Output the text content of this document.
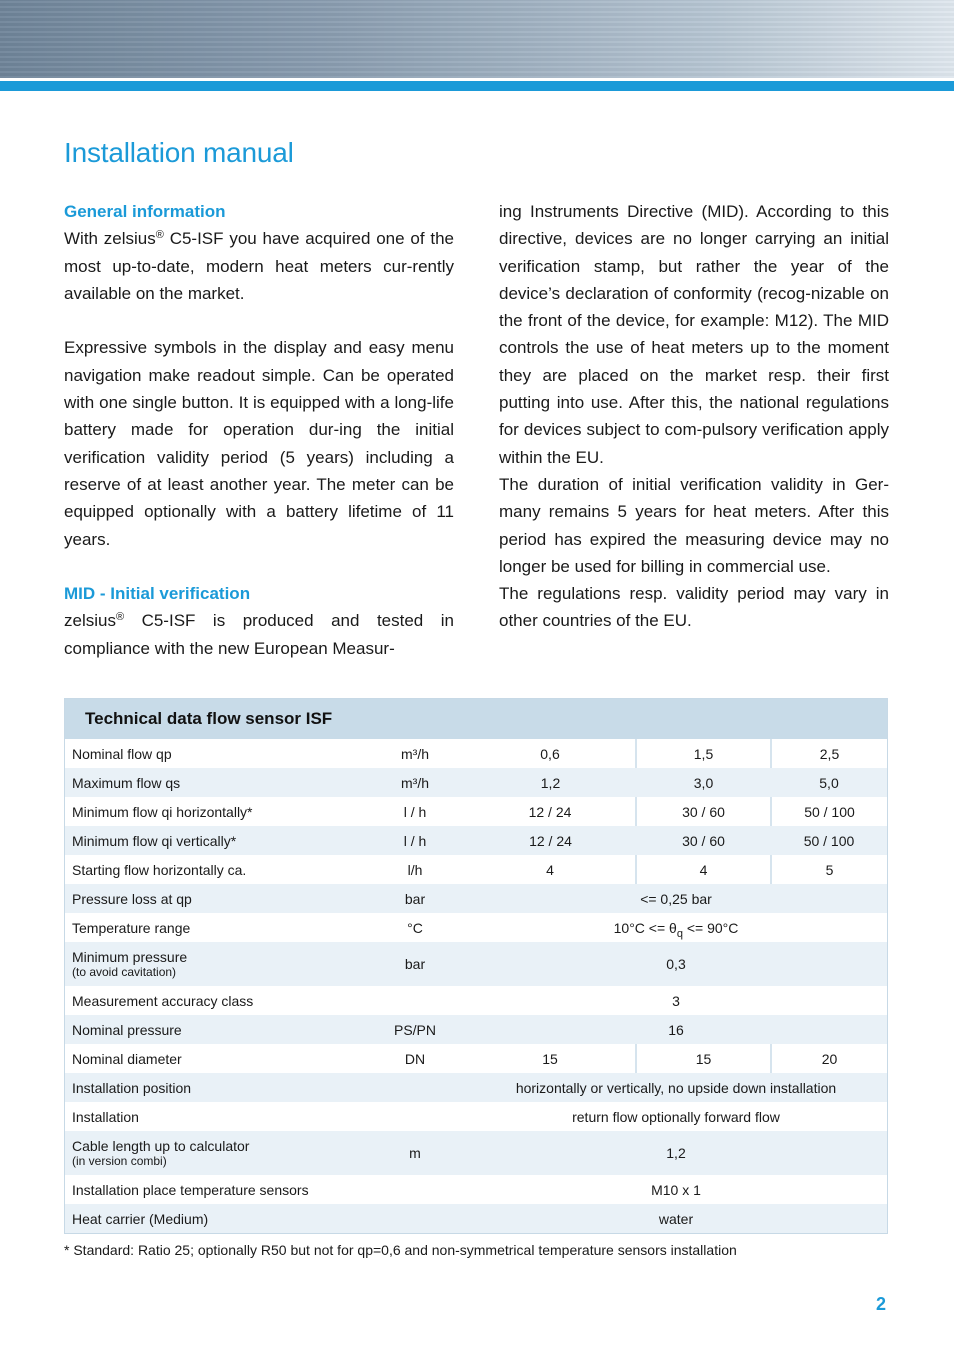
Installation manual
General information

With zelsius® C5-ISF you have acquired one of the most up-to-date, modern heat meters cur-rently available on the market.

Expressive symbols in the display and easy menu navigation make readout simple. Can be operated with one single button. It is equipped with a long-life battery made for operation dur-ing the initial verification validity period (5 years) including a reserve of at least another year. The meter can be equipped optionally with a battery lifetime of 11 years.

MID - Initial verification

zelsius® C5-ISF is produced and tested in compliance with the new European Measur-

ing Instruments Directive (MID). According to this directive, devices are no longer carrying an initial verification stamp, but rather the year of the device’s declaration of conformity (recog-nizable on the front of the device, for example: M12). The MID controls the use of heat meters up to the moment they are placed on the market resp. their first putting into use. After this, the national regulations for devices subject to com-pulsory verification apply within the EU.

The duration of initial verification validity in Ger-many remains 5 years for heat meters. After this period has expired the measuring device may no longer be used for billing in commercial use.

The regulations resp. validity period may vary in other countries of the EU.

Technical data flow sensor ISF
Nominal flow qp	m³/h	0,6	1,5	2,5
Maximum flow qs	m³/h	1,2	3,0	5,0
Minimum flow qi horizontally*	l / h	12 / 24	30 / 60	50 / 100
Minimum flow qi vertically*	l / h	12 / 24	30 / 60	50 / 100
Starting flow horizontally ca.	l/h	4	4	5
Pressure loss at qp	bar	<= 0,25 bar		
Temperature range	°C	$10^\circ C <= \theta_q <= 90^\circ C$		
Minimum pressure
(to avoid cavitation)	bar	0,3		
Measurement accuracy class		3		
Nominal pressure	PS/PN	16		
Nominal diameter	DN	15	15	20
Installation position		horizontally or vertically, no upside down installation		
Installation		return flow optionally forward flow		
Cable length up to calculator
(in version combi)	m	1,2		
Installation place temperature sensors		M10 x 1		
Heat carrier (Medium)		water		
* Standard: Ratio 25; optionally R50 but not for qp=0,6 and non-symmetrical temperature sensors installation
2
